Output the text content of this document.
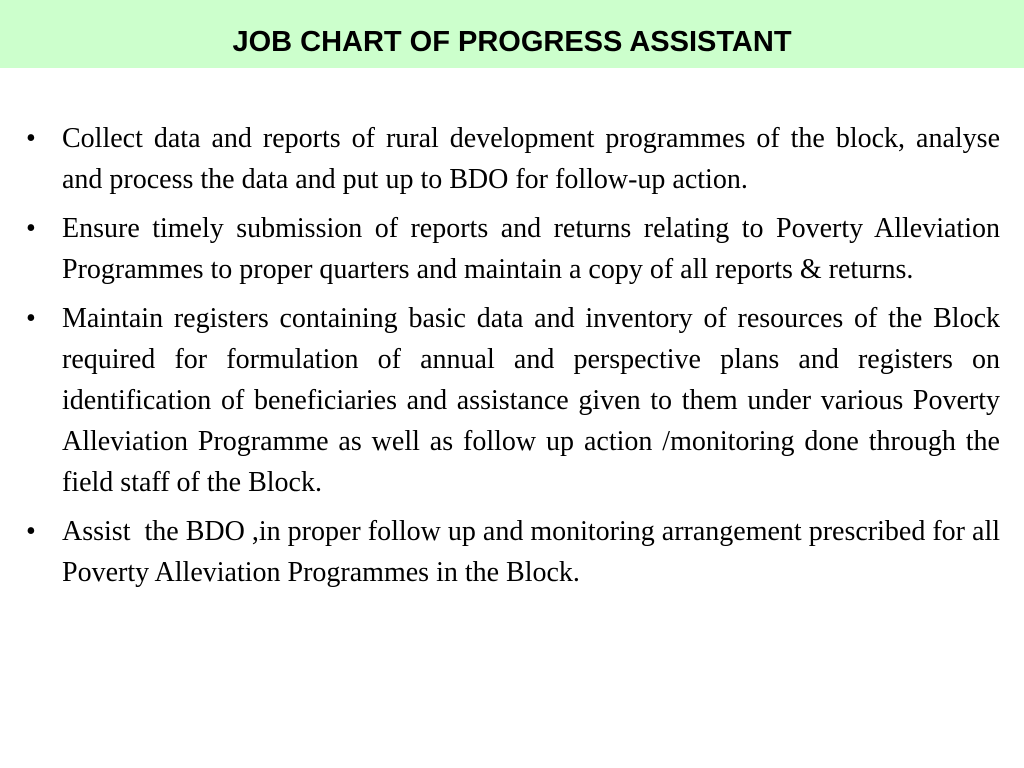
JOB CHART OF PROGRESS ASSISTANT
• Collect data and reports of rural development programmes of the block, analyse and process the data and put up to BDO for follow-up action.
• Ensure timely submission of reports and returns relating to Poverty Alleviation Programmes to proper quarters and maintain a copy of all reports & returns.
• Maintain registers containing basic data and inventory of resources of the Block required for formulation of annual and perspective plans and registers on identification of beneficiaries and assistance given to them under various Poverty Alleviation Programme as well as follow up action /monitoring done through the field staff of the Block.
• Assist  the BDO ,in proper follow up and monitoring arrangement prescribed for all Poverty Alleviation Programmes in the Block.
